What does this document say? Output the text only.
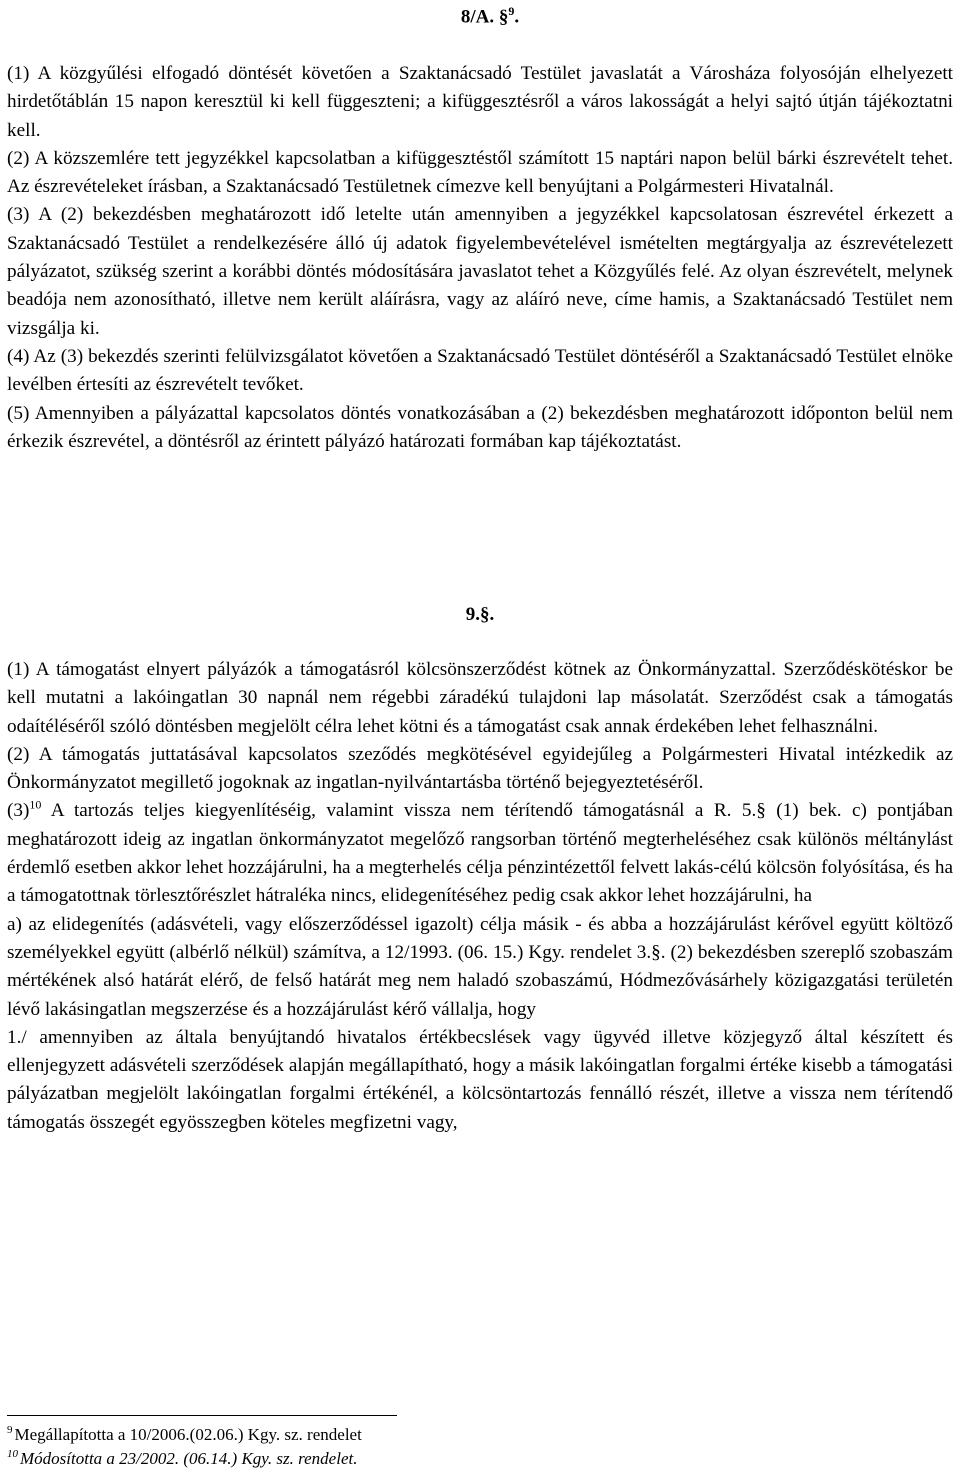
8/A. §$^9$.

(1) A közgyűlési elfogadó döntését követően a Szaktanácsadó Testület javaslatát a Városháza folyosóján elhelyezett hirdetőtáblán 15 napon keresztül ki kell függeszteni; a kifüggesztésről a város lakosságát a helyi sajtó útján tájékoztatni kell.

(2) A közszemlére tett jegyzékkel kapcsolatban a kifüggesztéstől számított 15 naptári napon belül bárki észrevételt tehet. Az észrevételeket írásban, a Szaktanácsadó Testületnek címezve kell benyújtani a Polgármesteri Hivatalnál.

(3) A (2) bekezdésben meghatározott idő letelte után amennyiben a jegyzékkel kapcsolatosan észrevétel érkezett a Szaktanácsadó Testület a rendelkezésére álló új adatok figyelembevételével ismételten megtárgyalja az észrevételezett pályázatot, szükség szerint a korábbi döntés módosítására javaslatot tehet a Közgyűlés felé. Az olyan észrevételt, melynek beadója nem azonosítható, illetve nem került aláírásra, vagy az aláíró neve, címe hamis, a Szaktanácsadó Testület nem vizsgálja ki.

(4) Az (3) bekezdés szerinti felülvizsgálatot követően a Szaktanácsadó Testület döntéséről a Szaktanácsadó Testület elnöke levélben értesíti az észrevételt tevőket.

(5) Amennyiben a pályázattal kapcsolatos döntés vonatkozásában a (2) bekezdésben meghatározott időponton belül nem érkezik észrevétel, a döntésről az érintett pályázó határozati formában kap tájékoztatást.

9.§.

(1) A támogatást elnyert pályázók a támogatásról kölcsönszerződést kötnek az Önkormányzattal. Szerződéskötéskor be kell mutatni a lakóingatlan 30 napnál nem régebbi záradékú tulajdoni lap másolatát. Szerződést csak a támogatás odaítéléséről szóló döntésben megjelölt célra lehet kötni és a támogatást csak annak érdekében lehet felhasználni.

(2) A támogatás juttatásával kapcsolatos szeződés megkötésével egyidejűleg a Polgármesteri Hivatal intézkedik az Önkormányzatot megillető jogoknak az ingatlan-nyilvántartásba történő bejegyeztetéséről.

$(3)^{10}$ A tartozás teljes kiegyenlítéséig, valamint vissza nem térítendő támogatásnál a R. 5.§ (1) bek. c) pontjában meghatározott ideig az ingatlan önkormányzatot megelőző rangsorban történő megterheléséhez csak különös méltánylást érdemlő esetben akkor lehet hozzájárulni, ha a megterhelés célja pénzintézettől felvett lakás-célú kölcsön folyósítása, és ha a támogatottnak törlesztőrészlet hátraléka nincs, elidegenítéséhez pedig csak akkor lehet hozzájárulni, ha

a) az elidegenítés (adásvételi, vagy előszerződéssel igazolt) célja másik - és abba a hozzájárulást kérővel együtt költöző személyekkel együtt (albérlő nélkül) számítva, a 12/1993. (06. 15.) Kgy. rendelet 3.§. (2) bekezdésben szereplő szobaszám mértékének alsó határát elérő, de felső határát meg nem haladó szobaszámú, Hódmezővásárhely közigazgatási területén lévő lakásingatlan megszerzése és a hozzájárulást kérő vállalja, hogy

1./ amennyiben az általa benyújtandó hivatalos értékbecslések vagy ügyvéd illetve közjegyző által készített és ellenjegyzett adásvételi szerződések alapján megállapítható, hogy a másik lakóingatlan forgalmi értéke kisebb a támogatási pályázatban megjelölt lakóingatlan forgalmi értékénél, a kölcsöntartozás fennálló részét, illetve a vissza nem térítendő támogatás összegét egyösszegben köteles megfizetni vagy,

$^9$ Megállapította a 10/2006.(02.06.) Kgy. sz. rendelet
$^{10}$ Módosította a 23/2002. (06.14.) Kgy. sz. rendelet.
